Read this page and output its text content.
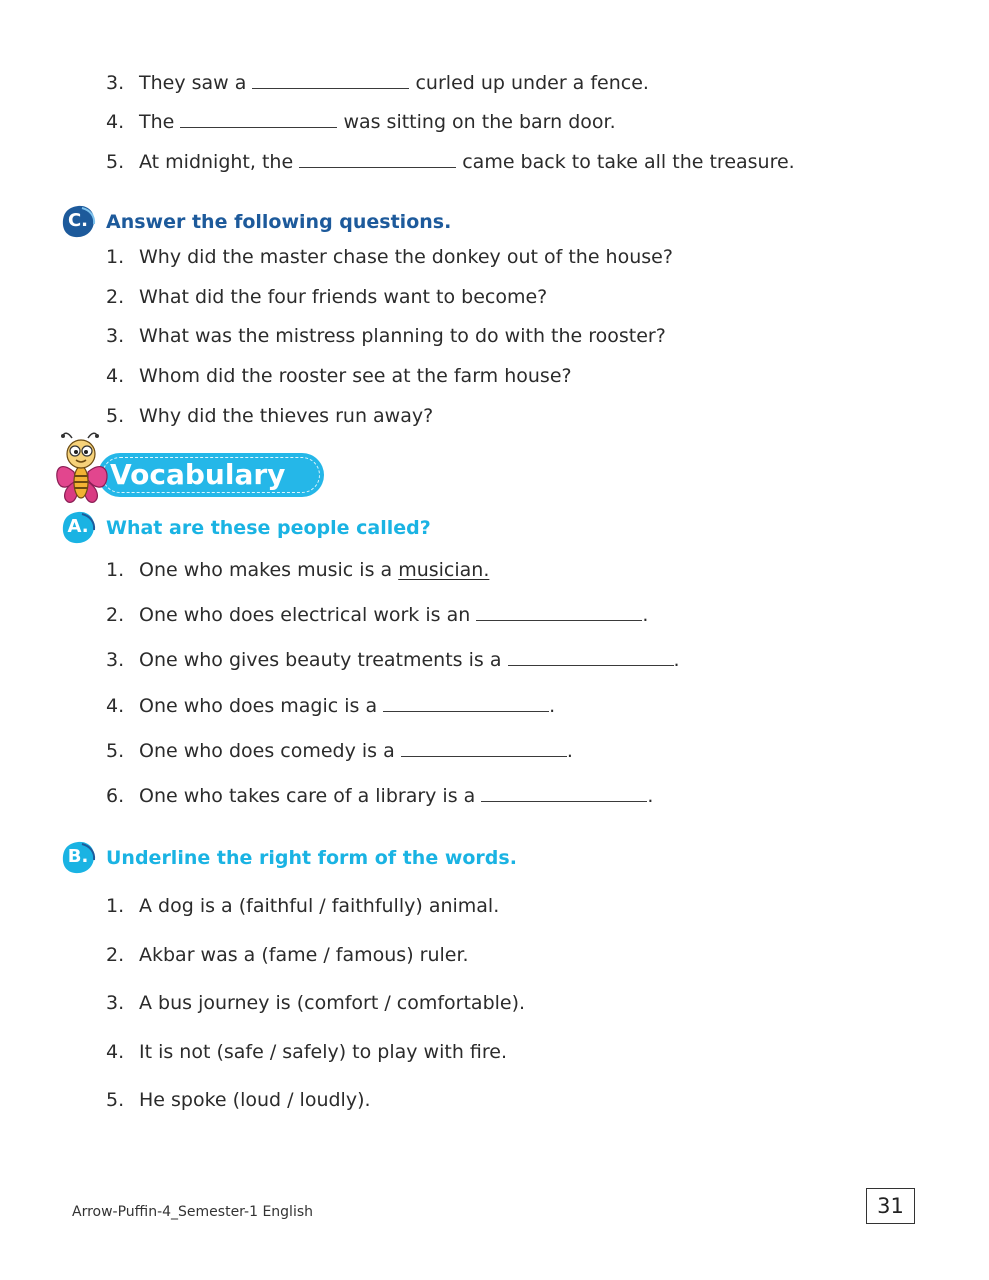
3. They saw a	curled up under a fence.
4. The	was sitting on the barn door.
5. At midnight, the	came back to take all the treasure.
C. Answer the following questions.
1. Why did the master chase the donkey out of the house?
2. What did the four friends want to become?
3. What was the mistress planning to do with the rooster?
4. Whom did the rooster see at the farm house?
5. Why did the thieves run away?
Vocabulary
A. What are these people called?
1. One who makes music is a musician.
2. One who does electrical work is an	.
3. One who gives beauty treatments is a	.
4. One who does magic is a	.
5. One who does comedy is a	.
6. One who takes care of a library is a	.
B. Underline the right form of the words.
1. A dog is a (faithful / faithfully) animal.
2. Akbar was a (fame / famous) ruler.
3. A bus journey is (comfort / comfortable).
4. It is not (safe / safely) to play with fire.
5. He spoke (loud / loudly).
Arrow-Puffin-4_Semester-1 English	31
